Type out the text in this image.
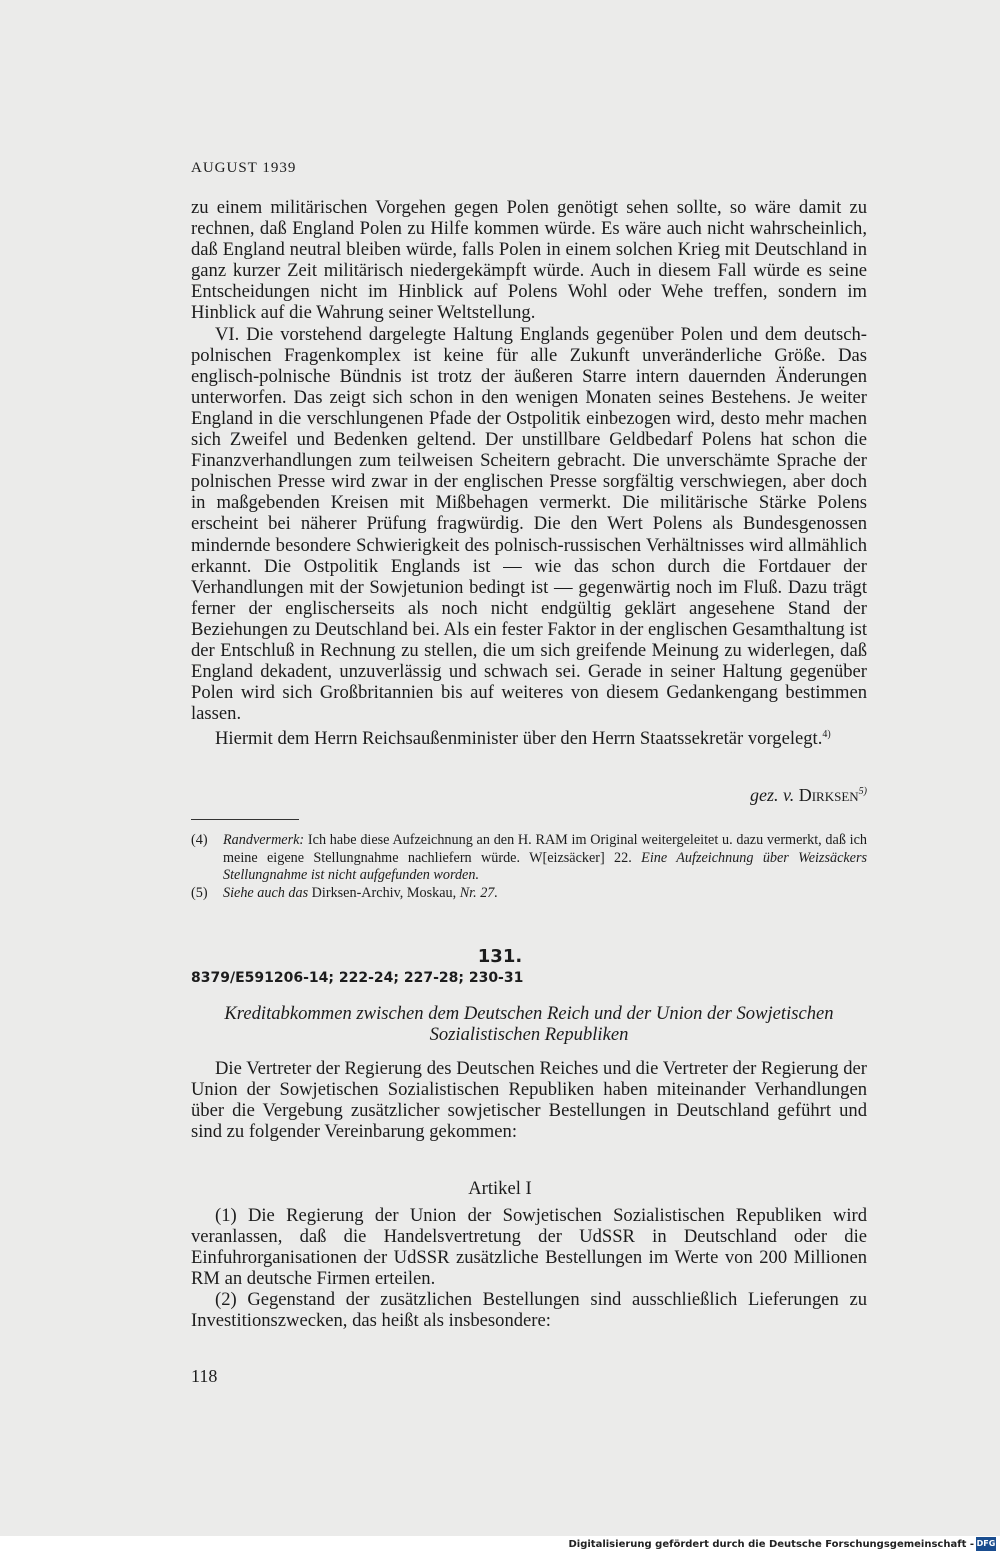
AUGUST 1939

zu einem militärischen Vorgehen gegen Polen genötigt sehen sollte, so wäre damit zu rechnen, daß England Polen zu Hilfe kommen würde. Es wäre auch nicht wahrscheinlich, daß England neutral bleiben würde, falls Polen in einem solchen Krieg mit Deutschland in ganz kurzer Zeit militärisch niedergekämpft würde. Auch in diesem Fall würde es seine Entscheidungen nicht im Hinblick auf Polens Wohl oder Wehe treffen, sondern im Hinblick auf die Wahrung seiner Weltstellung.

VI. Die vorstehend dargelegte Haltung Englands gegenüber Polen und dem deutsch-polnischen Fragenkomplex ist keine für alle Zukunft unveränderliche Größe. Das englisch-polnische Bündnis ist trotz der äußeren Starre intern dauernden Änderungen unterworfen. Das zeigt sich schon in den wenigen Monaten seines Bestehens. Je weiter England in die verschlungenen Pfade der Ostpolitik einbezogen wird, desto mehr machen sich Zweifel und Bedenken geltend. Der unstillbare Geldbedarf Polens hat schon die Finanzverhandlungen zum teilweisen Scheitern gebracht. Die unverschämte Sprache der polnischen Presse wird zwar in der englischen Presse sorgfältig verschwiegen, aber doch in maßgebenden Kreisen mit Mißbehagen vermerkt. Die militärische Stärke Polens erscheint bei näherer Prüfung fragwürdig. Die den Wert Polens als Bundesgenossen mindernde besondere Schwierigkeit des polnisch-russischen Verhältnisses wird allmählich erkannt. Die Ostpolitik Englands ist — wie das schon durch die Fortdauer der Verhandlungen mit der Sowjetunion bedingt ist — gegenwärtig noch im Fluß. Dazu trägt ferner der englischerseits als noch nicht endgültig geklärt angesehene Stand der Beziehungen zu Deutschland bei. Als ein fester Faktor in der englischen Gesamthaltung ist der Entschluß in Rechnung zu stellen, die um sich greifende Meinung zu widerlegen, daß England dekadent, unzuverlässig und schwach sei. Gerade in seiner Haltung gegenüber Polen wird sich Großbritannien bis auf weiteres von diesem Gedankengang bestimmen lassen.

Hiermit dem Herrn Reichsaußenminister über den Herrn Staatssekretär vorgelegt.$^{4)}$

gez. v. Dirksen$^{5)}$
(4)	Randvermerk: Ich habe diese Aufzeichnung an den H. RAM im Original weitergeleitet u. dazu vermerkt, daß ich meine eigene Stellungnahme nachliefern würde. W[eizsäcker] 22. Eine Aufzeichnung über Weizsäckers Stellungnahme ist nicht aufgefunden worden.
(5)	Siehe auch das Dirksen-Archiv, Moskau, Nr. 27.
131.
8379/E591206-14; 222-24; 227-28; 230-31
Kreditabkommen zwischen dem Deutschen Reich und der Union der Sowjetischen Sozialistischen Republiken

Die Vertreter der Regierung des Deutschen Reiches und die Vertreter der Regierung der Union der Sowjetischen Sozialistischen Republiken haben miteinander Verhandlungen über die Vergebung zusätzlicher sowjetischer Bestellungen in Deutschland geführt und sind zu folgender Vereinbarung gekommen:

Artikel I

(1) Die Regierung der Union der Sowjetischen Sozialistischen Republiken wird veranlassen, daß die Handelsvertretung der UdSSR in Deutschland oder die Einfuhrorganisationen der UdSSR zusätzliche Bestellungen im Werte von 200 Millionen RM an deutsche Firmen erteilen.

(2) Gegenstand der zusätzlichen Bestellungen sind ausschließlich Lieferungen zu Investitionszwecken, das heißt als insbesondere:

118
Digitalisierung gefördert durch die Deutsche Forschungsgemeinschaft - DFG
